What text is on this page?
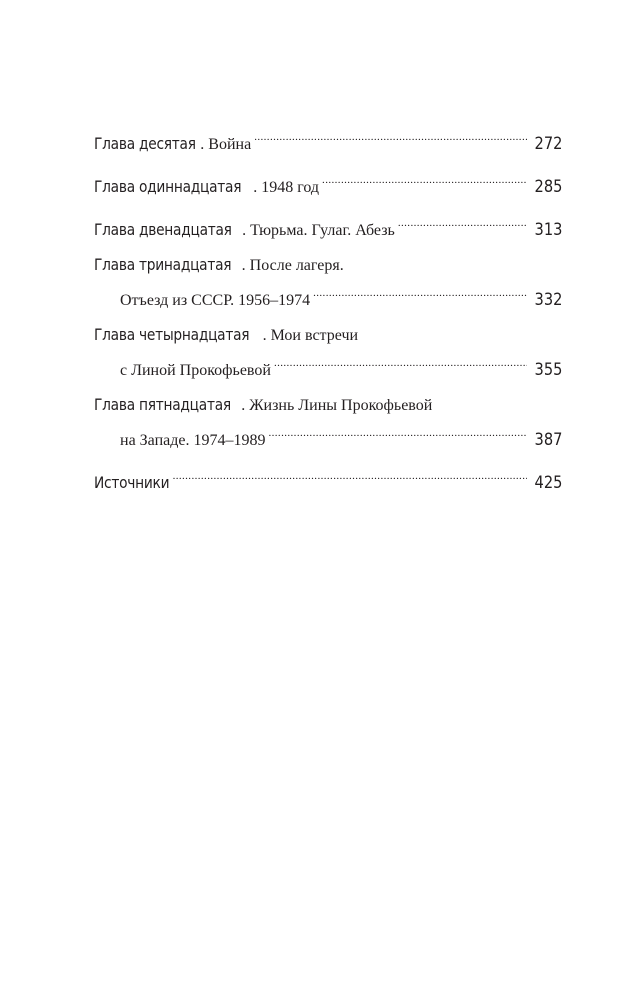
Глава десятая . Война .....	272
Глава одиннадцатая . 1948 год .....	285
Глава двенадцатая . Тюрьма. Гулаг. Абезь .....	313
Глава тринадцатая . После лагеря.
Отъезд из СССР. 1956–1974 .....	332
Глава четырнадцатая . Мои встречи
с Линой Прокофьевой .....	355
Глава пятнадцатая . Жизнь Лины Прокофьевой
на Западе. 1974–1989 .....	387
Источники .....	425
